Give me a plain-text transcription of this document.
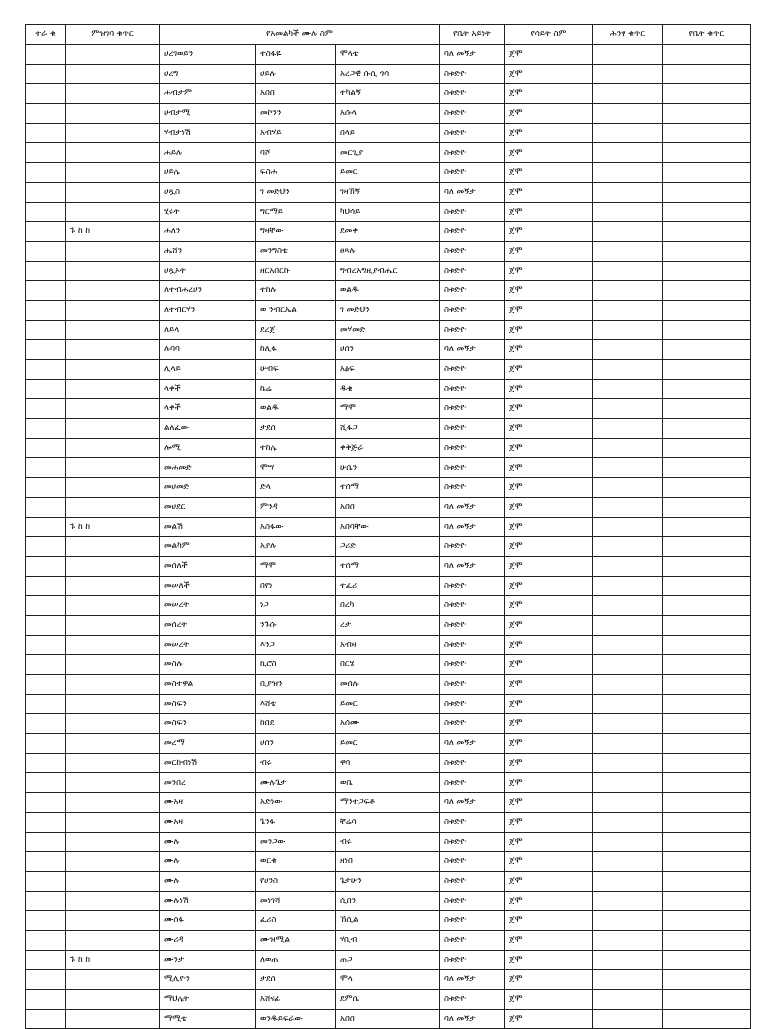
ተራ ቁ	ምዝገባ ቁጥር	የአመልካች ሙሉ ስም			የቤት አይነት	የሳይት ስም	ሕንፃ ቁጥር	የቤት ቁጥር
		ሀረገወይን	ተስፋዬ	ሞላቴ	ባለ መኝታ	ጀሞ		
		ሀረግ	ሀይሉ	አረጋዊ ሱሲ ጎሳ	ስቱድዮ	ጀሞ		
		ሐብታም	አበበ	ተካልኝ	ስቱድዮ	ጀሞ		
		ሀብታሚ	መኮንን	አሱላ	ስቱድዮ	ጀሞ		
		ሃብታነሽ	አብሃይ	በላይ	ስቱድዮ	ጀሞ		
		ሐይሉ	ባሾ	መርጊያ	ስቱድዮ	ጀሞ		
		ሀይሌ	ፍስሐ	ይመር	ስቱድዮ	ጀሞ		
		ሀጿስ	ገ መድህን	ገዛኸኝ	ባለ መኝታ	ጀሞ		
		ሂሩት	ግርማይ	ካህሳይ	ስቱድዮ	ጀሞ		
	ጉ ከ ከ	ሐለን	ግዛቸው	ደመቀ	ስቱድዮ	ጀሞ		
		ሔሸን	መንግስቴ	ፀጻሉ	ስቱድዮ	ጀሞ		
		ሀጿኦት	ዘርአበርኩ	ግብረአግዚያብሔር	ስቱድዮ	ጀሞ		
		ለተብሐረሀን	ተከሉ	ወልዱ	ስቱድዮ	ጀሞ		
		ለተብርሃን	ወ ንብርኤል	ገ መድህን	ስቱድዮ	ጀሞ		
		ለይላ	ደረጀ	መሃመድ	ስቱድዮ	ጀሞ		
		ሉባባ	ከሊፋ	ሀሰን	ባለ መኝታ	ጀሞ		
		ሊላይ	ሁብፍ	አፅፍ	ስቱድዮ	ጀሞ		
		ላቀች	ኬሬ	ዱቄ	ስቱድዮ	ጀሞ		
		ላቀች	ወልዱ	ማሞ	ስቱድዮ	ጀሞ		
		ልለፈው	ታደሰ	ሺፋጋ	ስቱድዮ	ጀሞ		
		ሎሚ	ተከሌ	ቀቅጅራ	ስቱድዮ	ጀሞ		
		መሐመድ	ሞሣ	ሁሴን	ስቱድዮ	ጀሞ		
		መሀመድ	ድላ	ተሰማ	ስቱድዮ	ጀሞ		
		መሀደር	ምንዳ	አበበ	ባለ መኝታ	ጀሞ		
	ጉ ከ ከ	መልሽ	አስፋው	አበባቸው	ባለ መኝታ	ጀሞ		
		መልካም	አያሉ	ጋሪድ	ስቱድዮ	ጀሞ		
		መሰለች	ማሞ	ተሰማ	ባለ መኝታ	ጀሞ		
		መሠለች	በየነ	ተፈሪ	ስቱድዮ	ጀሞ		
		መሠረት	ነጋ	በረካ	ስቱድዮ	ጀሞ		
		መሰረት	ንጉሱ	ረታ	ስቱድዮ	ጀሞ		
		መሠረት	እንጋ	አብዛ	ስቱድዮ	ጀሞ		
		መስሉ	ኪሮስ	በርሄ	ስቱድዮ	ጀሞ		
		መስተዋል	ቢያዝን	መሰሉ	ስቱድዮ	ጀሞ		
		መስፍን	እሸቴ	ይመር	ስቱድዮ	ጀሞ		
		መስፍን	ከበደ	አሰሙ	ስቱድዮ	ጀሞ		
		መረማ	ሀሰን	ይመር	ባለ መኝታ	ጀሞ		
		መርከብነሽ	ብሩ	ዋሳ	ስቱድዮ	ጀሞ		
		መንበረ	ሙሉጌታ	ወቤ	ስቱድዮ	ጀሞ		
		ሙአዛ	አድነው	ማንተጋፍቶ	ባለ መኝታ	ጀሞ		
		ሙአዛ	ጌንፋ	ቸሬሳ	ስቱድዮ	ጀሞ		
		ሙሉ	መንጋው	ብሩ	ስቱድዮ	ጀሞ		
		ሙሉ	ወርቁ	ዘነበ	ስቱድዮ	ጀሞ		
		ሙሉ	የሀንስ	ጌታሁን	ስቱድዮ	ጀሞ		
		ሙሉነሽ	መነገሻ	ሲበን	ስቱድዮ	ጀሞ		
		ሙሰፋ	ፈሪስ	ኸሲል	ስቱድዮ	ጀሞ		
		ሙሪዳ	ሙዝሚል	ሃቢብ	ስቱድዮ	ጀሞ		
	ጉ ከ ከ	ሙንታ	ለወጠ	ጠጋ	ስቱድዮ	ጀሞ		
		ሚሊዮን	ታደሰ	ሞላ	ባለ መኝታ	ጀሞ		
		ማህሌት	አሸናፊ	ደምሴ	ስቱድዮ	ጀሞ		
		ማሚቴ	ወንዱይፍራው	አበበ	ባለ መኝታ	ጀሞ		
